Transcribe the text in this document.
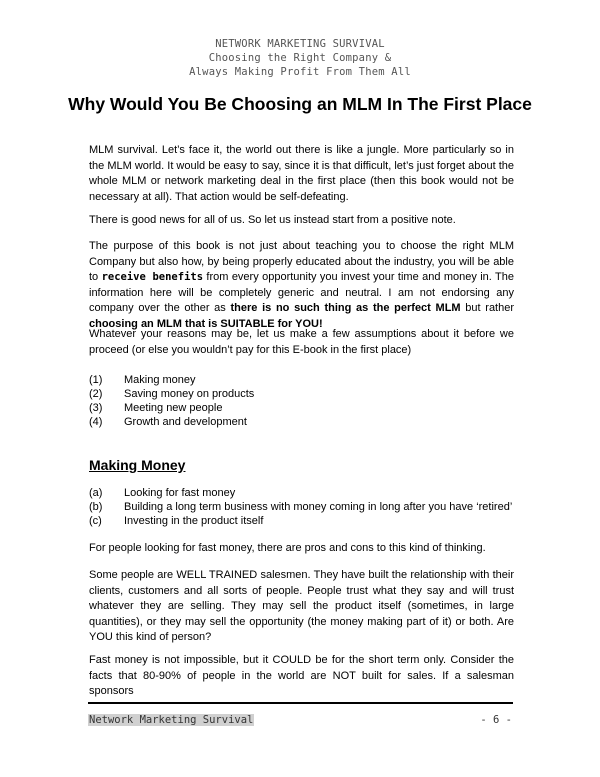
NETWORK MARKETING SURVIVAL
Choosing the Right Company &
Always Making Profit From Them All
Why Would You Be Choosing an MLM In The First Place
MLM survival. Let’s face it, the world out there is like a jungle. More particularly so in the MLM world. It would be easy to say, since it is that difficult, let’s just forget about the whole MLM or network marketing deal in the first place (then this book would not be necessary at all). That action would be self-defeating.
There is good news for all of us. So let us instead start from a positive note.
The purpose of this book is not just about teaching you to choose the right MLM Company but also how, by being properly educated about the industry, you will be able to receive benefits from every opportunity you invest your time and money in. The information here will be completely generic and neutral. I am not endorsing any company over the other as there is no such thing as the perfect MLM but rather choosing an MLM that is SUITABLE for YOU!
Whatever your reasons may be, let us make a few assumptions about it before we proceed (or else you wouldn’t pay for this E-book in the first place)
(1)	Making money
(2)	Saving money on products
(3)	Meeting new people
(4)	Growth and development
Making Money
(a)	Looking for fast money
(b)	Building a long term business with money coming in long after you have ‘retired’
(c)	Investing in the product itself
For people looking for fast money, there are pros and cons to this kind of thinking.
Some people are WELL TRAINED salesmen. They have built the relationship with their clients, customers and all sorts of people. People trust what they say and will trust whatever they are selling. They may sell the product itself (sometimes, in large quantities), or they may sell the opportunity (the money making part of it) or both. Are YOU this kind of person?
Fast money is not impossible, but it COULD be for the short term only. Consider the facts that 80-90% of people in the world are NOT built for sales. If a salesman sponsors
Network Marketing Survival	- 6 -
